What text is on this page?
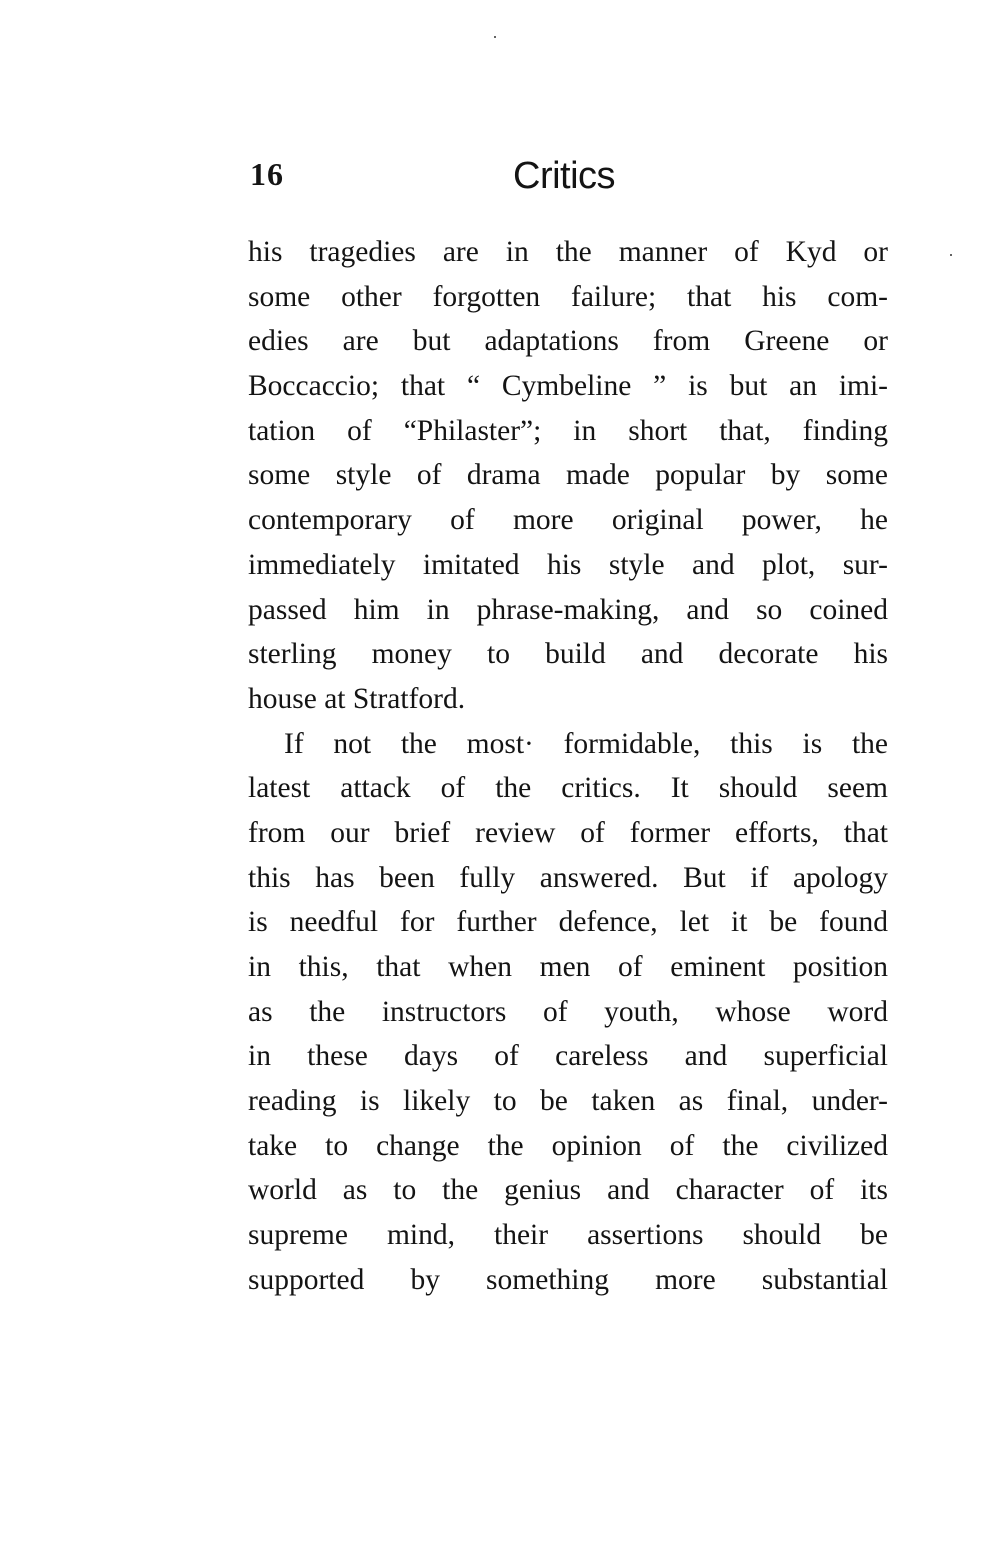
16	Critics
his tragedies are in the manner of Kyd or
some other forgotten failure; that his com-
edies are but adaptations from Greene or
Boccaccio; that “ Cymbeline ” is but an imi-
tation of “Philaster”; in short that, finding
some style of drama made popular by some
contemporary of more original power, he
immediately imitated his style and plot, sur-
passed him in phrase-making, and so coined
sterling money to build and decorate his
house at Stratford.
If not the most· formidable, this is the
latest attack of the critics. It should seem
from our brief review of former efforts, that
this has been fully answered. But if apology
is needful for further defence, let it be found
in this, that when men of eminent position
as the instructors of youth, whose word
in these days of careless and superficial
reading is likely to be taken as final, under-
take to change the opinion of the civilized
world as to the genius and character of its
supreme mind, their assertions should be
supported by something more substantial
